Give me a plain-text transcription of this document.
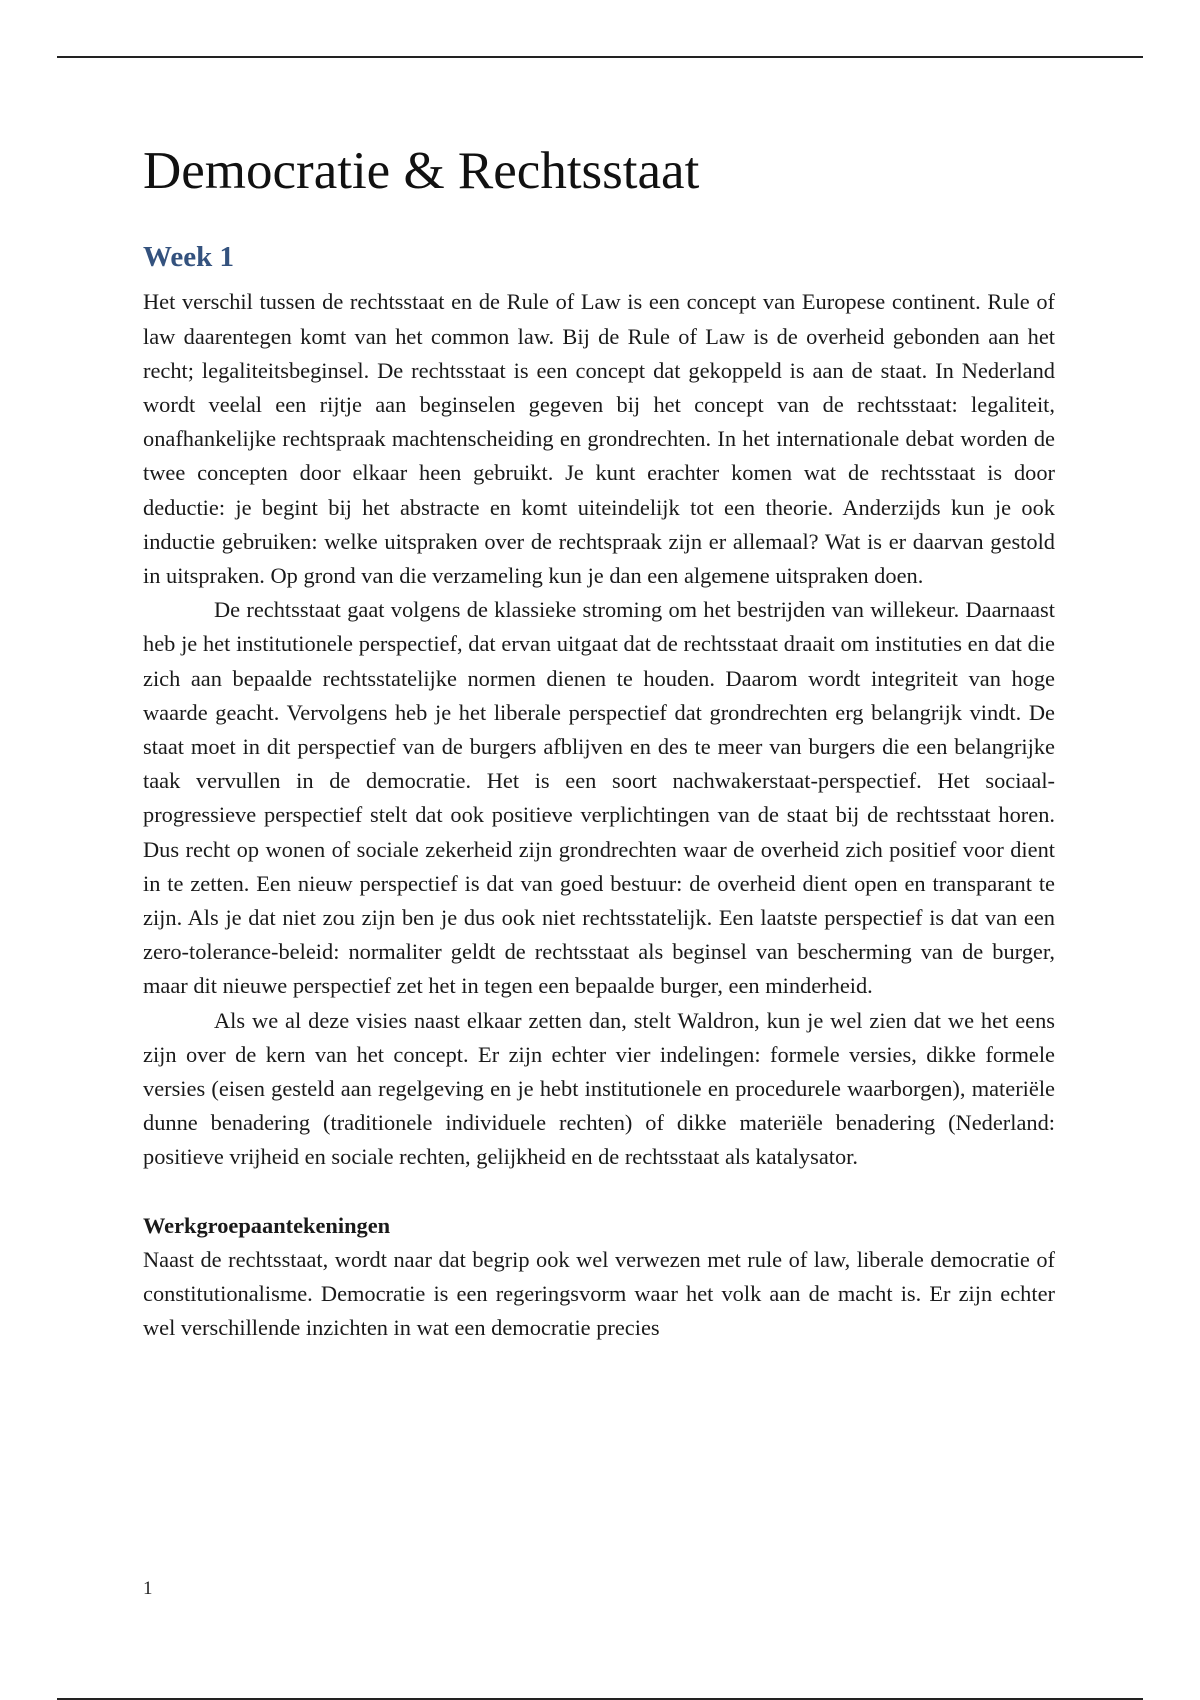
Democratie & Rechtsstaat
Week 1

Het verschil tussen de rechtsstaat en de Rule of Law is een concept van Europese continent. Rule of law daarentegen komt van het common law. Bij de Rule of Law is de overheid gebonden aan het recht; legaliteitsbeginsel. De rechtsstaat is een concept dat gekoppeld is aan de staat. In Nederland wordt veelal een rijtje aan beginselen gegeven bij het concept van de rechtsstaat: legaliteit, onafhankelijke rechtspraak machtenscheiding en grondrechten. In het internationale debat worden de twee concepten door elkaar heen gebruikt. Je kunt erachter komen wat de rechtsstaat is door deductie: je begint bij het abstracte en komt uiteindelijk tot een theorie. Anderzijds kun je ook inductie gebruiken: welke uitspraken over de rechtspraak zijn er allemaal? Wat is er daarvan gestold in uitspraken. Op grond van die verzameling kun je dan een algemene uitspraken doen.

De rechtsstaat gaat volgens de klassieke stroming om het bestrijden van willekeur. Daarnaast heb je het institutionele perspectief, dat ervan uitgaat dat de rechtsstaat draait om instituties en dat die zich aan bepaalde rechtsstatelijke normen dienen te houden. Daarom wordt integriteit van hoge waarde geacht. Vervolgens heb je het liberale perspectief dat grondrechten erg belangrijk vindt. De staat moet in dit perspectief van de burgers afblijven en des te meer van burgers die een belangrijke taak vervullen in de democratie. Het is een soort nachwakerstaat-perspectief. Het sociaal-progressieve perspectief stelt dat ook positieve verplichtingen van de staat bij de rechtsstaat horen. Dus recht op wonen of sociale zekerheid zijn grondrechten waar de overheid zich positief voor dient in te zetten. Een nieuw perspectief is dat van goed bestuur: de overheid dient open en transparant te zijn. Als je dat niet zou zijn ben je dus ook niet rechtsstatelijk. Een laatste perspectief is dat van een zero-tolerance-beleid: normaliter geldt de rechtsstaat als beginsel van bescherming van de burger, maar dit nieuwe perspectief zet het in tegen een bepaalde burger, een minderheid.

Als we al deze visies naast elkaar zetten dan, stelt Waldron, kun je wel zien dat we het eens zijn over de kern van het concept. Er zijn echter vier indelingen: formele versies, dikke formele versies (eisen gesteld aan regelgeving en je hebt institutionele en procedurele waarborgen), materiële dunne benadering (traditionele individuele rechten) of dikke materiële benadering (Nederland: positieve vrijheid en sociale rechten, gelijkheid en de rechtsstaat als katalysator.

Werkgroepaantekeningen

Naast de rechtsstaat, wordt naar dat begrip ook wel verwezen met rule of law, liberale democratie of constitutionalisme. Democratie is een regeringsvorm waar het volk aan de macht is. Er zijn echter wel verschillende inzichten in wat een democratie precies

1
